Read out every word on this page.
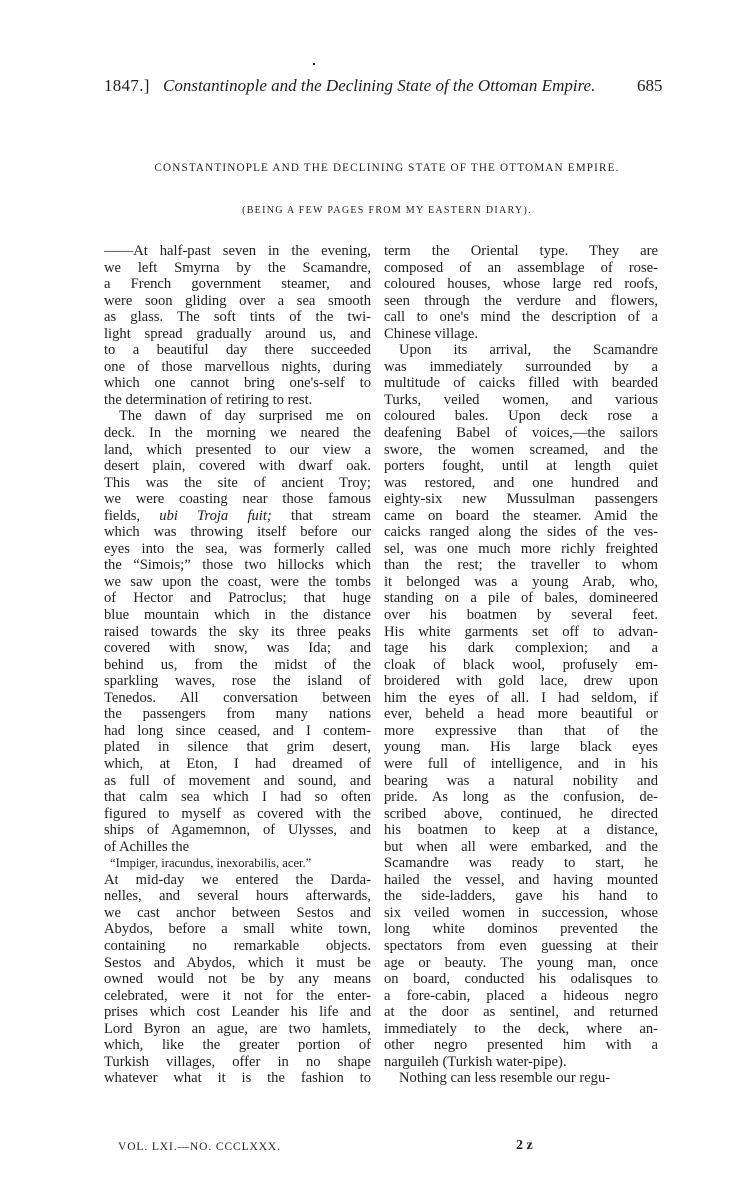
1847.] Constantinople and the Declining State of the Ottoman Empire. 685
CONSTANTINOPLE AND THE DECLINING STATE OF THE OTTOMAN EMPIRE.
(BEING A FEW PAGES FROM MY EASTERN DIARY).
——At half-past seven in the evening,
we left Smyrna by the Scamandre,
a French government steamer, and
were soon gliding over a sea smooth
as glass. The soft tints of the twi-
light spread gradually around us, and
to a beautiful day there succeeded
one of those marvellous nights, during
which one cannot bring one's-self to
the determination of retiring to rest.
The dawn of day surprised me on
deck. In the morning we neared the
land, which presented to our view a
desert plain, covered with dwarf oak.
This was the site of ancient Troy;
we were coasting near those famous
fields, ubi Troja fuit; that stream
which was throwing itself before our
eyes into the sea, was formerly called
the “Simois;” those two hillocks which
we saw upon the coast, were the tombs
of Hector and Patroclus; that huge
blue mountain which in the distance
raised towards the sky its three peaks
covered with snow, was Ida; and
behind us, from the midst of the
sparkling waves, rose the island of
Tenedos. All conversation between
the passengers from many nations
had long since ceased, and I contem-
plated in silence that grim desert,
which, at Eton, I had dreamed of
as full of movement and sound, and
that calm sea which I had so often
figured to myself as covered with the
ships of Agamemnon, of Ulysses, and
of Achilles the
“Impiger, iracundus, inexorabilis, acer.”
At mid-day we entered the Darda-
nelles, and several hours afterwards,
we cast anchor between Sestos and
Abydos, before a small white town,
containing no remarkable objects.
Sestos and Abydos, which it must be
owned would not be by any means
celebrated, were it not for the enter-
prises which cost Leander his life and
Lord Byron an ague, are two hamlets,
which, like the greater portion of
Turkish villages, offer in no shape
whatever what it is the fashion to
term the Oriental type. They are
composed of an assemblage of rose-
coloured houses, whose large red roofs,
seen through the verdure and flowers,
call to one's mind the description of a
Chinese village.
Upon its arrival, the Scamandre
was immediately surrounded by a
multitude of caicks filled with bearded
Turks, veiled women, and various
coloured bales. Upon deck rose a
deafening Babel of voices,—the sailors
swore, the women screamed, and the
porters fought, until at length quiet
was restored, and one hundred and
eighty-six new Mussulman passengers
came on board the steamer. Amid the
caicks ranged along the sides of the ves-
sel, was one much more richly freighted
than the rest; the traveller to whom
it belonged was a young Arab, who,
standing on a pile of bales, domineered
over his boatmen by several feet.
His white garments set off to advan-
tage his dark complexion; and a
cloak of black wool, profusely em-
broidered with gold lace, drew upon
him the eyes of all. I had seldom, if
ever, beheld a head more beautiful or
more expressive than that of the
young man. His large black eyes
were full of intelligence, and in his
bearing was a natural nobility and
pride. As long as the confusion, de-
scribed above, continued, he directed
his boatmen to keep at a distance,
but when all were embarked, and the
Scamandre was ready to start, he
hailed the vessel, and having mounted
the side-ladders, gave his hand to
six veiled women in succession, whose
long white dominos prevented the
spectators from even guessing at their
age or beauty. The young man, once
on board, conducted his odalisques to
a fore-cabin, placed a hideous negro
at the door as sentinel, and returned
immediately to the deck, where an-
other negro presented him with a
narguileh (Turkish water-pipe).
Nothing can less resemble our regu-
VOL. LXI.—NO. CCCLXXX.	2 z
